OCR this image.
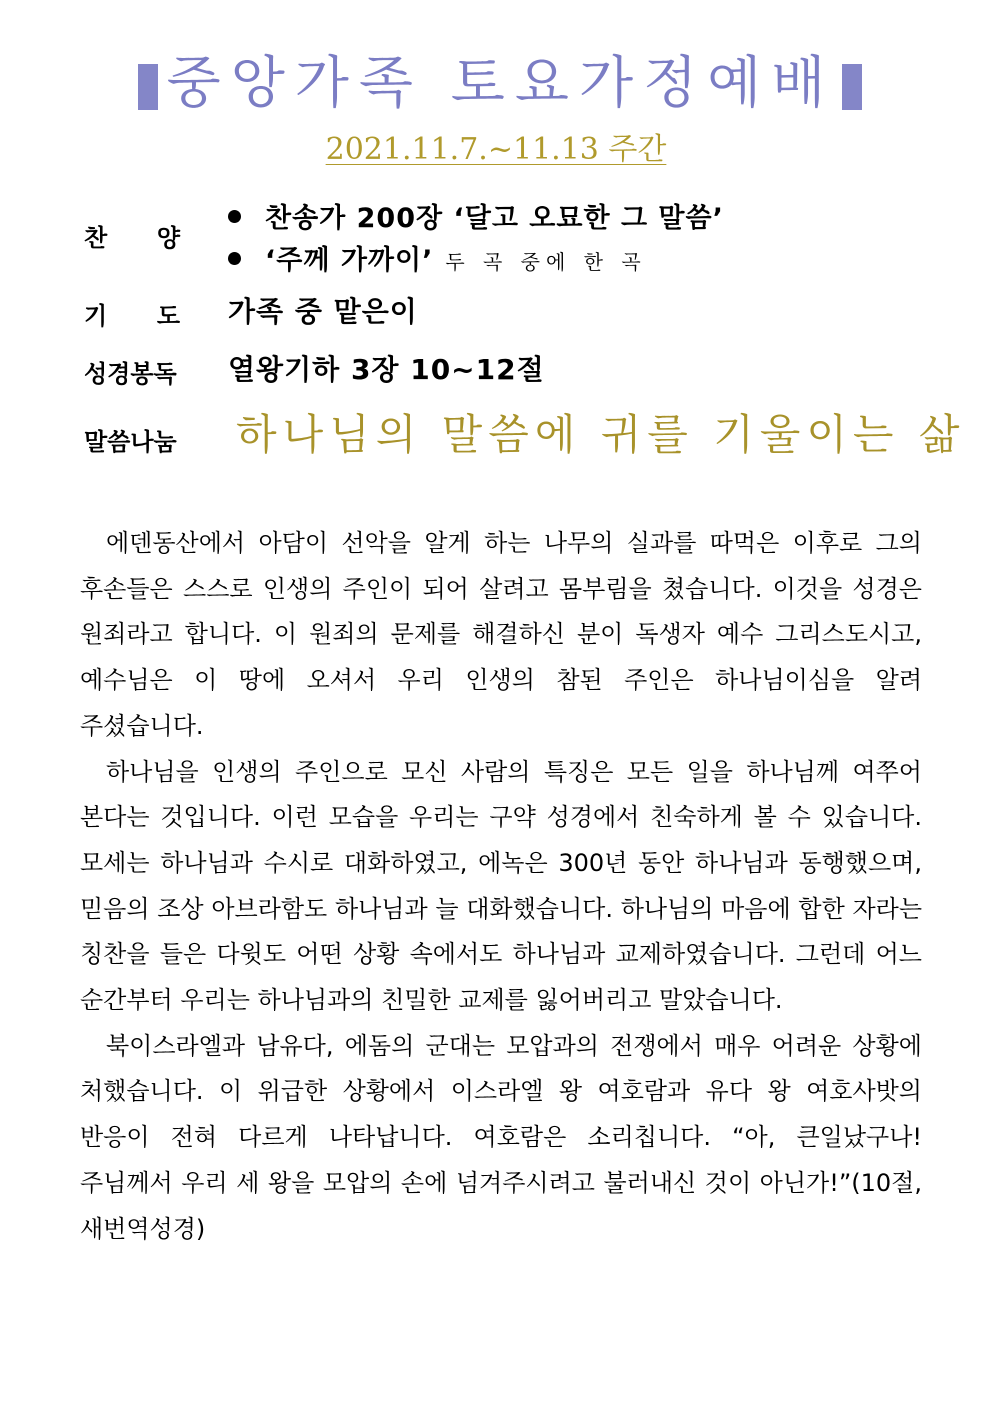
중앙가족 토요가정예배
2021.11.7.~11.13 주간
찬 양
찬송가 200장 ‘달고 오묘한 그 말씀’
‘주께 가까이’ 두 곡 중에 한 곡
기 도 가족 중 맡은이
성경봉독 열왕기하 3장 10~12절
말씀나눔 하나님의 말씀에 귀를 기울이는 삶

에덴동산에서 아담이 선악을 알게 하는 나무의 실과를 따먹은 이후로 그의 후손들은 스스로 인생의 주인이 되어 살려고 몸부림을 쳤습니다. 이것을 성경은 원죄라고 합니다. 이 원죄의 문제를 해결하신 분이 독생자 예수 그리스도시고, 예수님은 이 땅에 오셔서 우리 인생의 참된 주인은 하나님이심을 알려 주셨습니다.

하나님을 인생의 주인으로 모신 사람의 특징은 모든 일을 하나님께 여쭈어 본다는 것입니다. 이런 모습을 우리는 구약 성경에서 친숙하게 볼 수 있습니다. 모세는 하나님과 수시로 대화하였고, 에녹은 300년 동안 하나님과 동행했으며, 믿음의 조상 아브라함도 하나님과 늘 대화했습니다. 하나님의 마음에 합한 자라는 칭찬을 들은 다윗도 어떤 상황 속에서도 하나님과 교제하였습니다. 그런데 어느 순간부터 우리는 하나님과의 친밀한 교제를 잃어버리고 말았습니다.

북이스라엘과 남유다, 에돔의 군대는 모압과의 전쟁에서 매우 어려운 상황에 처했습니다. 이 위급한 상황에서 이스라엘 왕 여호람과 유다 왕 여호사밧의 반응이 전혀 다르게 나타납니다. 여호람은 소리칩니다. “아, 큰일났구나! 주님께서 우리 세 왕을 모압의 손에 넘겨주시려고 불러내신 것이 아닌가!”(10절, 새번역성경)
